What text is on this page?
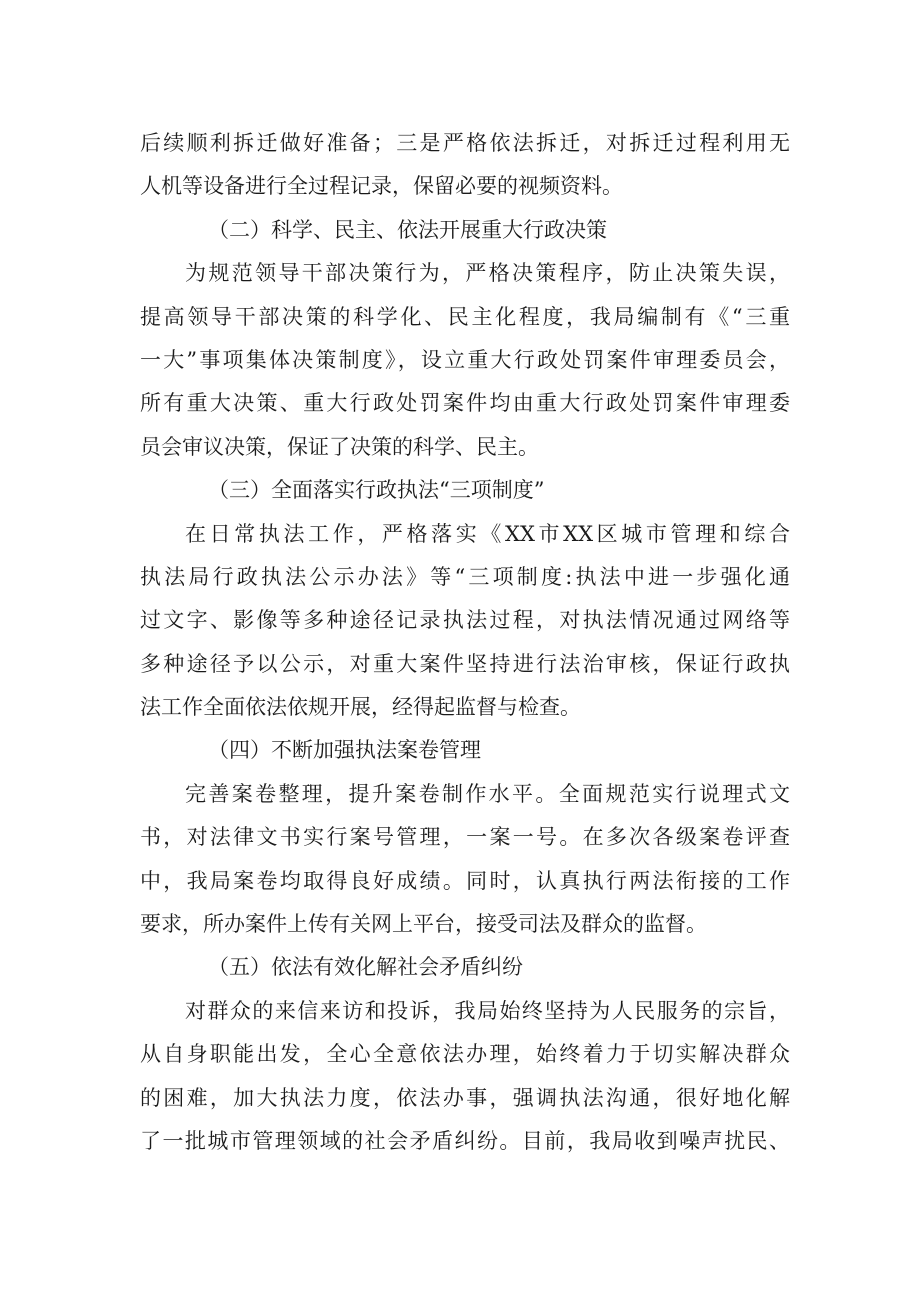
后续顺利拆迁做好准备；三是严格依法拆迁，对拆迁过程利用无
人机等设备进行全过程记录，保留必要的视频资料。
（二）科学、民主、依法开展重大行政决策
为规范领导干部决策行为，严格决策程序，防止决策失误，
提高领导干部决策的科学化、民主化程度，我局编制有《“三重
一大”事项集体决策制度》，设立重大行政处罚案件审理委员会，
所有重大决策、重大行政处罚案件均由重大行政处罚案件审理委
员会审议决策，保证了决策的科学、民主。
（三）全面落实行政执法“三项制度”
在日常执法工作，严格落实《XX市XX区城市管理和综合
执法局行政执法公示办法》等“三项制度:执法中进一步强化通
过文字、影像等多种途径记录执法过程，对执法情况通过网络等
多种途径予以公示，对重大案件坚持进行法治审核，保证行政执
法工作全面依法依规开展，经得起监督与检查。
（四）不断加强执法案卷管理
完善案卷整理，提升案卷制作水平。全面规范实行说理式文
书，对法律文书实行案号管理，一案一号。在多次各级案卷评查
中，我局案卷均取得良好成绩。同时，认真执行两法衔接的工作
要求，所办案件上传有关网上平台，接受司法及群众的监督。
（五）依法有效化解社会矛盾纠纷
对群众的来信来访和投诉，我局始终坚持为人民服务的宗旨，
从自身职能出发，全心全意依法办理，始终着力于切实解决群众
的困难，加大执法力度，依法办事，强调执法沟通，很好地化解
了一批城市管理领域的社会矛盾纠纷。目前，我局收到噪声扰民、
